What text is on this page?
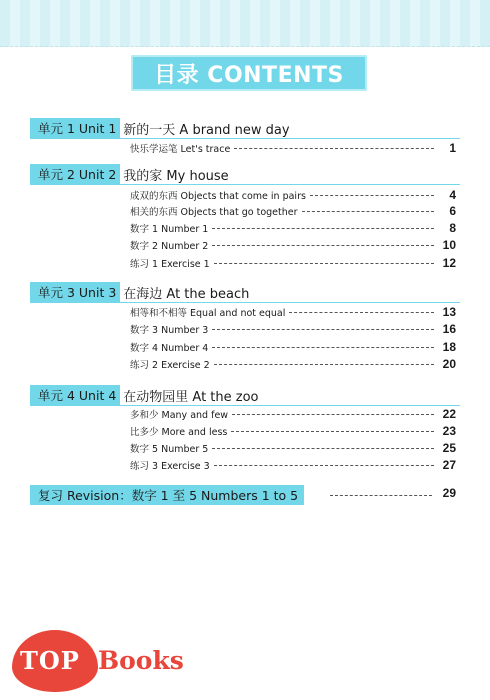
目录 CONTENTS
单元 1 Unit 1 新的一天 A brand new day
快乐学运笔 Let's trace	1
单元 2 Unit 2 我的家 My house
成双的东西 Objects that come in pairs	4
相关的东西 Objects that go together	6
数字 1 Number 1	8
数字 2 Number 2	10
练习 1 Exercise 1	12
单元 3 Unit 3 在海边 At the beach
相等和不相等 Equal and not equal	13
数字 3 Number 3	16
数字 4 Number 4	18
练习 2 Exercise 2	20
单元 4 Unit 4 在动物园里 At the zoo
多和少 Many and few	22
比多少 More and less	23
数字 5 Number 5	25
练习 3 Exercise 3	27
复习 Revision：数字 1 至 5 Numbers 1 to 5	29
TOP Books
